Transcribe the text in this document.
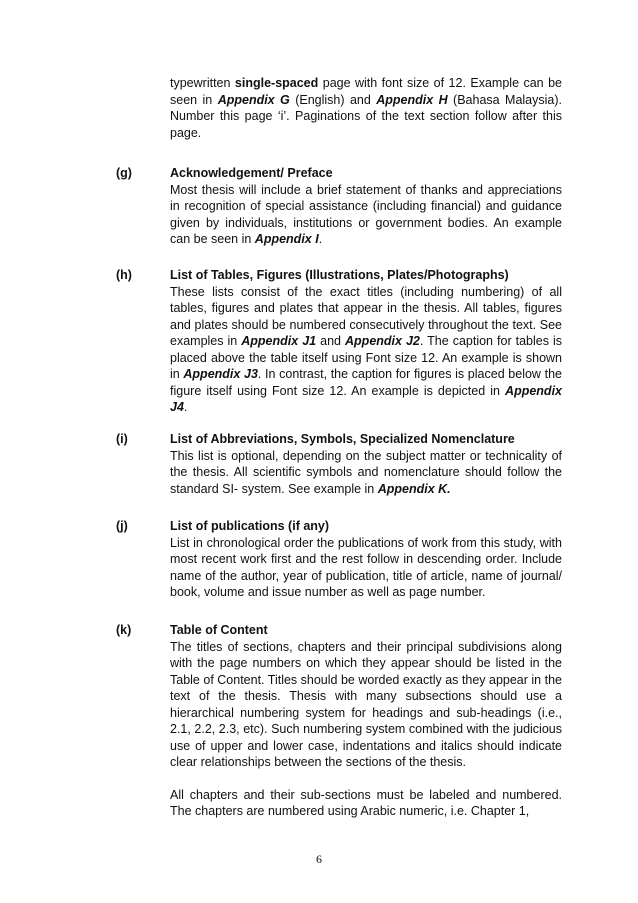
typewritten single-spaced page with font size of 12. Example can be seen in Appendix G (English) and Appendix H (Bahasa Malaysia). Number this page ‘i’. Paginations of the text section follow after this page.

(g)	Acknowledgement/ Preface

Most thesis will include a brief statement of thanks and appreciations in recognition of special assistance (including financial) and guidance given by individuals, institutions or government bodies. An example can be seen in Appendix I.

(h)	List of Tables, Figures (Illustrations, Plates/Photographs)

These lists consist of the exact titles (including numbering) of all tables, figures and plates that appear in the thesis. All tables, figures and plates should be numbered consecutively throughout the text. See examples in Appendix J1 and Appendix J2. The caption for tables is placed above the table itself using Font size 12. An example is shown in Appendix J3. In contrast, the caption for figures is placed below the figure itself using Font size 12. An example is depicted in Appendix J4.

(i)	List of Abbreviations, Symbols, Specialized Nomenclature

This list is optional, depending on the subject matter or technicality of the thesis. All scientific symbols and nomenclature should follow the standard SI- system. See example in Appendix K.

(j)	List of publications (if any)

List in chronological order the publications of work from this study, with most recent work first and the rest follow in descending order. Include name of the author, year of publication, title of article, name of journal/ book, volume and issue number as well as page number.

(k)	Table of Content

The titles of sections, chapters and their principal subdivisions along with the page numbers on which they appear should be listed in the Table of Content. Titles should be worded exactly as they appear in the text of the thesis. Thesis with many subsections should use a hierarchical numbering system for headings and sub-headings (i.e., 2.1, 2.2, 2.3, etc). Such numbering system combined with the judicious use of upper and lower case, indentations and italics should indicate clear relationships between the sections of the thesis.

All chapters and their sub-sections must be labeled and numbered. The chapters are numbered using Arabic numeric, i.e. Chapter 1,

6
